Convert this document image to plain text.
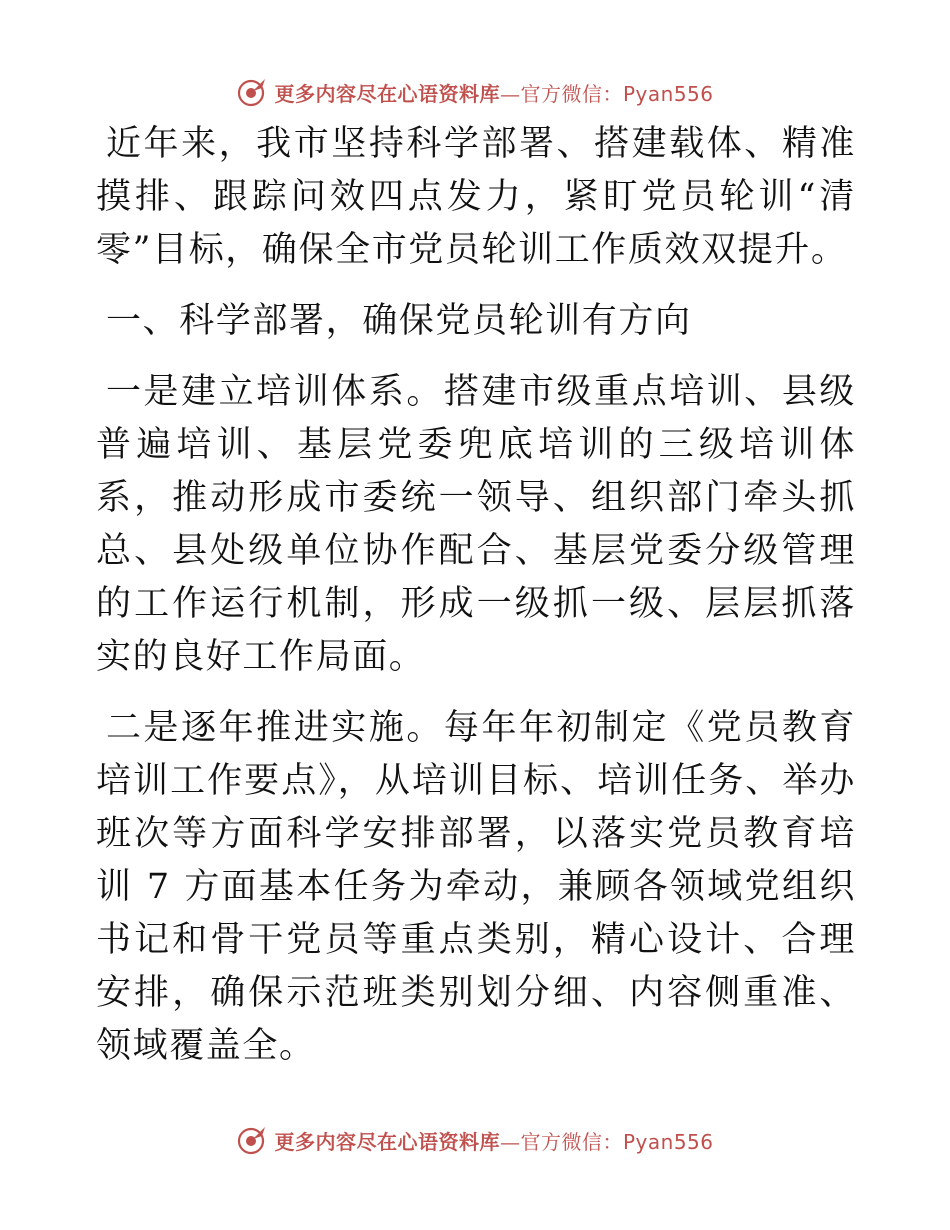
更多内容尽在心语资料库—官方微信：Pyan556

近年来，我市坚持科学部署、搭建载体、精准摸排、跟踪问效四点发力，紧盯党员轮训“清零”目标，确保全市党员轮训工作质效双提升。

一、科学部署，确保党员轮训有方向

一是建立培训体系。搭建市级重点培训、县级普遍培训、基层党委兜底培训的三级培训体系，推动形成市委统一领导、组织部门牵头抓总、县处级单位协作配合、基层党委分级管理的工作运行机制，形成一级抓一级、层层抓落实的良好工作局面。

二是逐年推进实施。每年年初制定《党员教育培训工作要点》，从培训目标、培训任务、举办班次等方面科学安排部署，以落实党员教育培训 7 方面基本任务为牵动，兼顾各领域党组织书记和骨干党员等重点类别，精心设计、合理安排，确保示范班类别划分细、内容侧重准、领域覆盖全。

更多内容尽在心语资料库—官方微信：Pyan556
